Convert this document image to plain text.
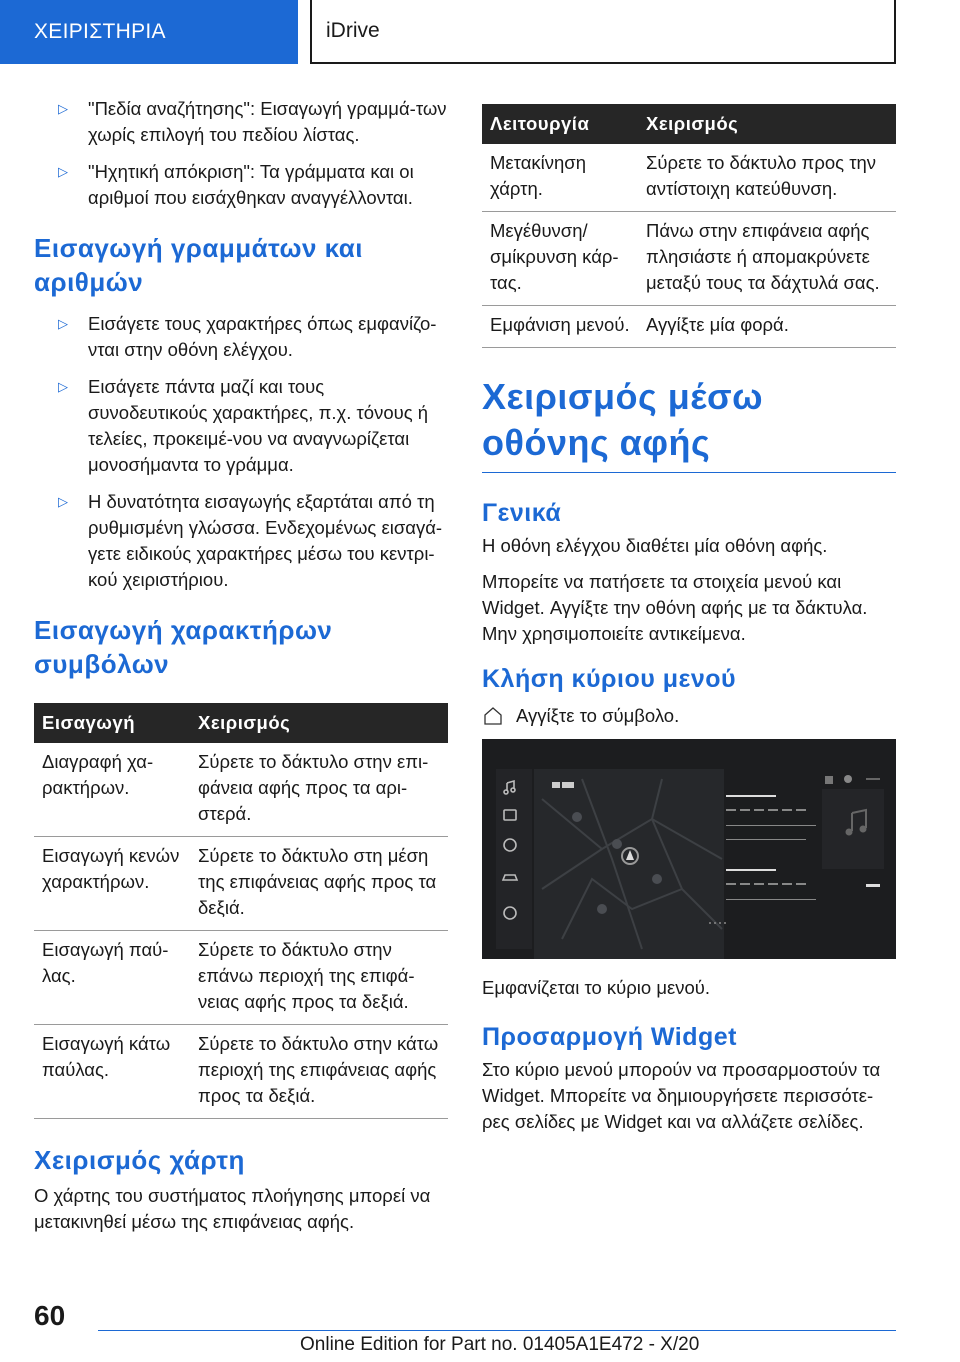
ΧΕΙΡΙΣΤΗΡΙΑ	iDrive
▷	"Πεδία αναζήτησης": Εισαγωγή γραμμά-των χωρίς επιλογή του πεδίου λίστας.
▷	"Ηχητική απόκριση": Τα γράμματα και οι αριθμοί που εισάχθηκαν αναγγέλλονται.
Εισαγωγή γραμμάτων και αριθμών
▷	Εισάγετε τους χαρακτήρες όπως εμφανίζο-νται στην οθόνη ελέγχου.
▷	Εισάγετε πάντα μαζί και τους συνοδευτικούς χαρακτήρες, π.χ. τόνους ή τελείες, προκειμέ-νου να αναγνωρίζεται μονοσήμαντα το γράμμα.
▷	Η δυνατότητα εισαγωγής εξαρτάται από τη ρυθμισμένη γλώσσα. Ενδεχομένως εισαγά-γετε ειδικούς χαρακτήρες μέσω του κεντρι-κού χειριστήριου.
Εισαγωγή χαρακτήρων συμβόλων
Εισαγωγή	Χειρισμός
Διαγραφή χα-ρακτήρων.	Σύρετε το δάκτυλο στην επι-φάνεια αφής προς τα αρι-στερά.
Εισαγωγή κενών χαρακτήρων.	Σύρετε το δάκτυλο στη μέση της επιφάνειας αφής προς τα δεξιά.
Εισαγωγή παύ-λας.	Σύρετε το δάκτυλο στην επάνω περιοχή της επιφά-νειας αφής προς τα δεξιά.
Εισαγωγή κάτω παύλας.	Σύρετε το δάκτυλο στην κάτω περιοχή της επιφάνειας αφής προς τα δεξιά.
Χειρισμός χάρτη

Ο χάρτης του συστήματος πλοήγησης μπορεί να μετακινηθεί μέσω της επιφάνειας αφής.

Λειτουργία	Χειρισμός
Μετακίνηση χάρτη.	Σύρετε το δάκτυλο προς την αντίστοιχη κατεύθυνση.
Μεγέθυνση/ σμίκρυνση κάρ-τας.	Πάνω στην επιφάνεια αφής πλησιάστε ή απομακρύνετε μεταξύ τους τα δάχτυλά σας.
Εμφάνιση μενού.	Αγγίξτε μία φορά.
Χειρισμός μέσω οθόνης αφής
Γενικά

Η οθόνη ελέγχου διαθέτει μία οθόνη αφής.

Μπορείτε να πατήσετε τα στοιχεία μενού και Widget. Αγγίξτε την οθόνη αφής με τα δάκτυλα. Μην χρησιμοποιείτε αντικείμενα.

Κλήση κύριου μενού
Αγγίξτε το σύμβολο.

Εμφανίζεται το κύριο μενού.

Προσαρμογή Widget

Στο κύριο μενού μπορούν να προσαρμοστούν τα Widget. Μπορείτε να δημιουργήσετε περισσότε-ρες σελίδες με Widget και να αλλάζετε σελίδες.

60
Online Edition for Part no. 01405A1E472 - X/20
